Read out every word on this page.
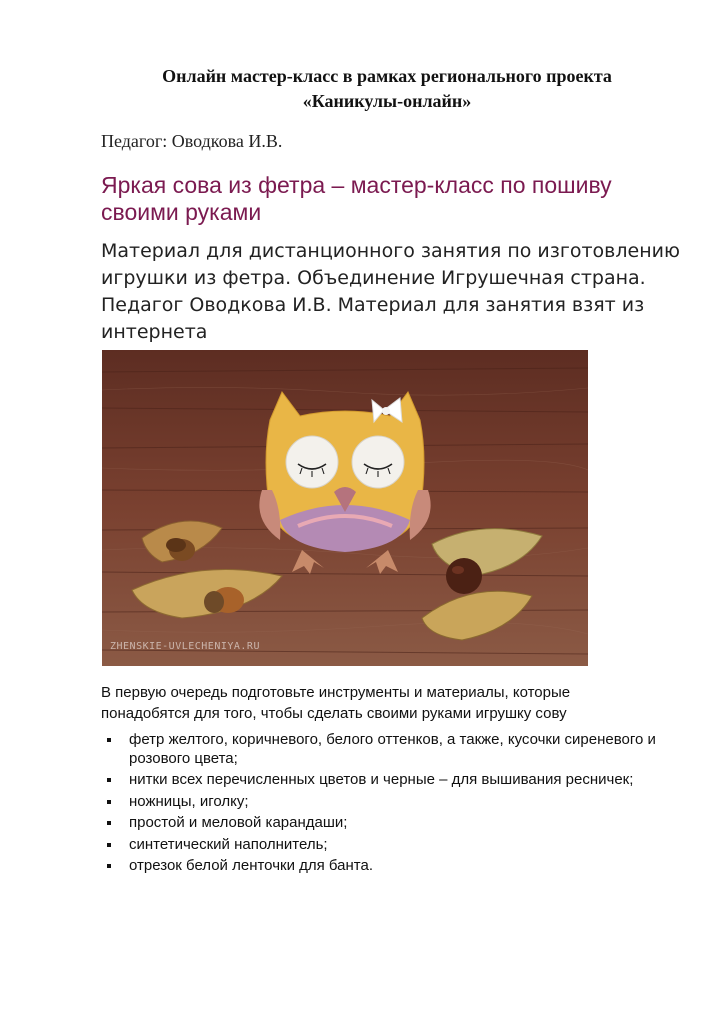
Онлайн мастер-класс в рамках регионального проекта
«Каникулы-онлайн»
Педагог: Оводкова И.В.
Яркая сова из фетра – мастер-класс по пошиву своими руками
Материал для дистанционного занятия по изготовлению игрушки из фетра. Объединение Игрушечная страна. Педагог Оводкова И.В. Материал для занятия взят из интернета
ZHENSKIE-UVLECHENIYA.RU
В первую очередь подготовьте инструменты и материалы, которые понадобятся для того, чтобы сделать своими руками игрушку сову
фетр желтого, коричневого, белого оттенков, а также, кусочки сиреневого и розового цвета;
нитки всех перечисленных цветов и черные – для вышивания ресничек;
ножницы, иголку;
простой и меловой карандаши;
синтетический наполнитель;
отрезок белой ленточки для банта.
